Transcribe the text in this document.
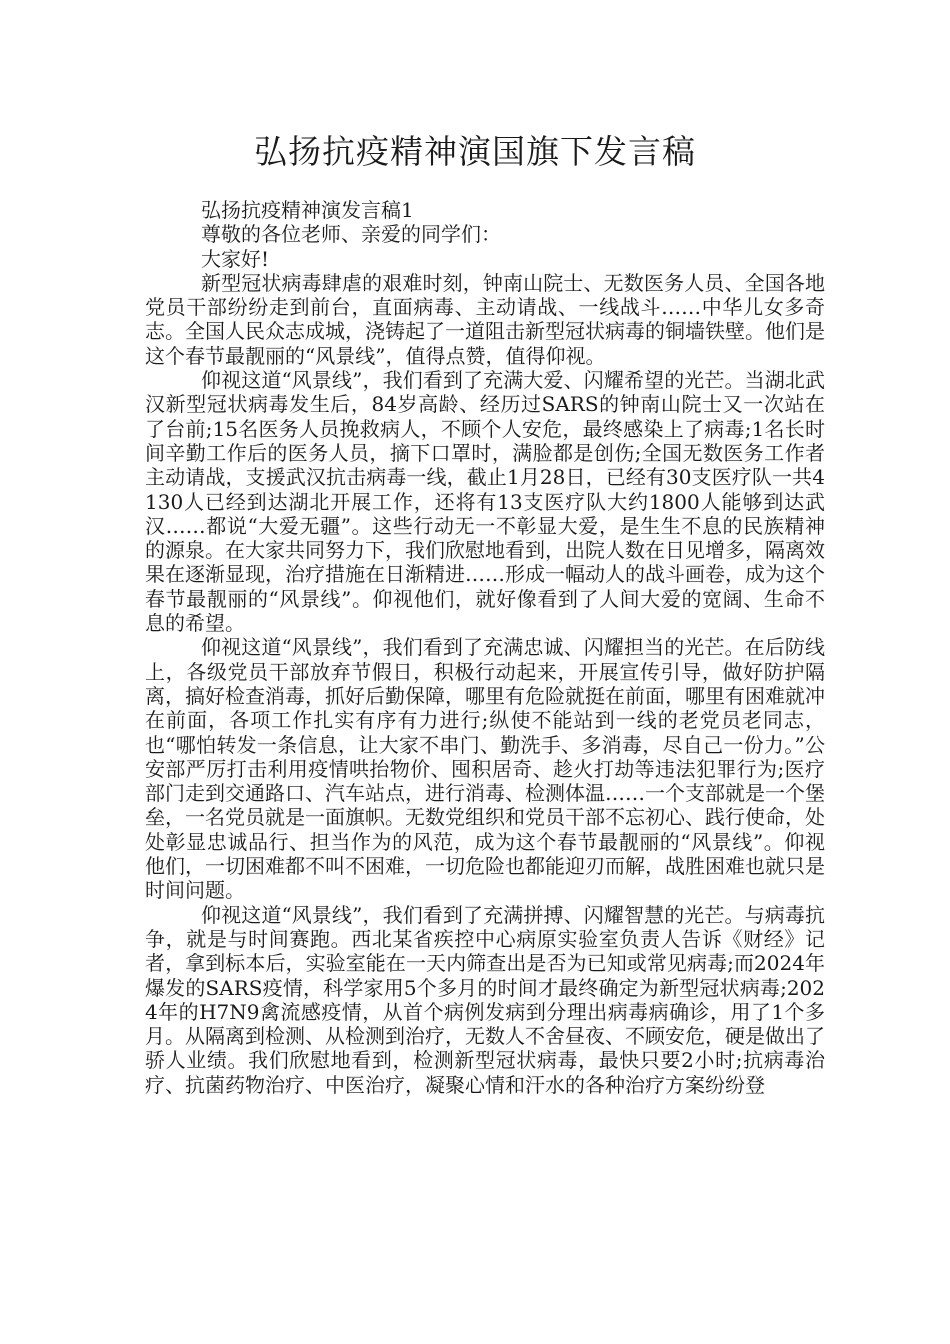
弘扬抗疫精神演国旗下发言稿

弘扬抗疫精神演发言稿1

尊敬的各位老师、亲爱的同学们：

大家好!

新型冠状病毒肆虐的艰难时刻，钟南山院士、无数医务人员、全国各地党员干部纷纷走到前台，直面病毒、主动请战、一线战斗……中华儿女多奇志。全国人民众志成城，浇铸起了一道阻击新型冠状病毒的铜墙铁壁。他们是这个春节最靓丽的“风景线”，值得点赞，值得仰视。

仰视这道“风景线”，我们看到了充满大爱、闪耀希望的光芒。当湖北武汉新型冠状病毒发生后，84岁高龄、经历过SARS的钟南山院士又一次站在了台前;15名医务人员挽救病人，不顾个人安危，最终感染上了病毒;1名长时间辛勤工作后的医务人员，摘下口罩时，满脸都是创伤;全国无数医务工作者主动请战，支援武汉抗击病毒一线，截止1月28日，已经有30支医疗队一共4130人已经到达湖北开展工作，还将有13支医疗队大约1800人能够到达武汉……都说“大爱无疆”。这些行动无一不彰显大爱，是生生不息的民族精神的源泉。在大家共同努力下，我们欣慰地看到，出院人数在日见增多，隔离效果在逐渐显现，治疗措施在日渐精进……形成一幅动人的战斗画卷，成为这个春节最靓丽的“风景线”。仰视他们，就好像看到了人间大爱的宽阔、生命不息的希望。

仰视这道“风景线”，我们看到了充满忠诚、闪耀担当的光芒。在后防线上，各级党员干部放弃节假日，积极行动起来，开展宣传引导，做好防护隔离，搞好检查消毒，抓好后勤保障，哪里有危险就挺在前面，哪里有困难就冲在前面，各项工作扎实有序有力进行;纵使不能站到一线的老党员老同志，也“哪怕转发一条信息，让大家不串门、勤洗手、多消毒，尽自己一份力。”公安部严厉打击利用疫情哄抬物价、囤积居奇、趁火打劫等违法犯罪行为;医疗部门走到交通路口、汽车站点，进行消毒、检测体温……一个支部就是一个堡垒，一名党员就是一面旗帜。无数党组织和党员干部不忘初心、践行使命，处处彰显忠诚品行、担当作为的风范，成为这个春节最靓丽的“风景线”。仰视他们，一切困难都不叫不困难，一切危险也都能迎刃而解，战胜困难也就只是时间问题。

仰视这道“风景线”，我们看到了充满拼搏、闪耀智慧的光芒。与病毒抗争，就是与时间赛跑。西北某省疾控中心病原实验室负责人告诉《财经》记者，拿到标本后，实验室能在一天内筛查出是否为已知或常见病毒;而2024年爆发的SARS疫情，科学家用5个多月的时间才最终确定为新型冠状病毒;2024年的H7N9禽流感疫情，从首个病例发病到分理出病毒病确诊，用了1个多月。从隔离到检测、从检测到治疗，无数人不舍昼夜、不顾安危，硬是做出了骄人业绩。我们欣慰地看到，检测新型冠状病毒，最快只要2小时;抗病毒治疗、抗菌药物治疗、中医治疗，凝聚心情和汗水的各种治疗方案纷纷登
